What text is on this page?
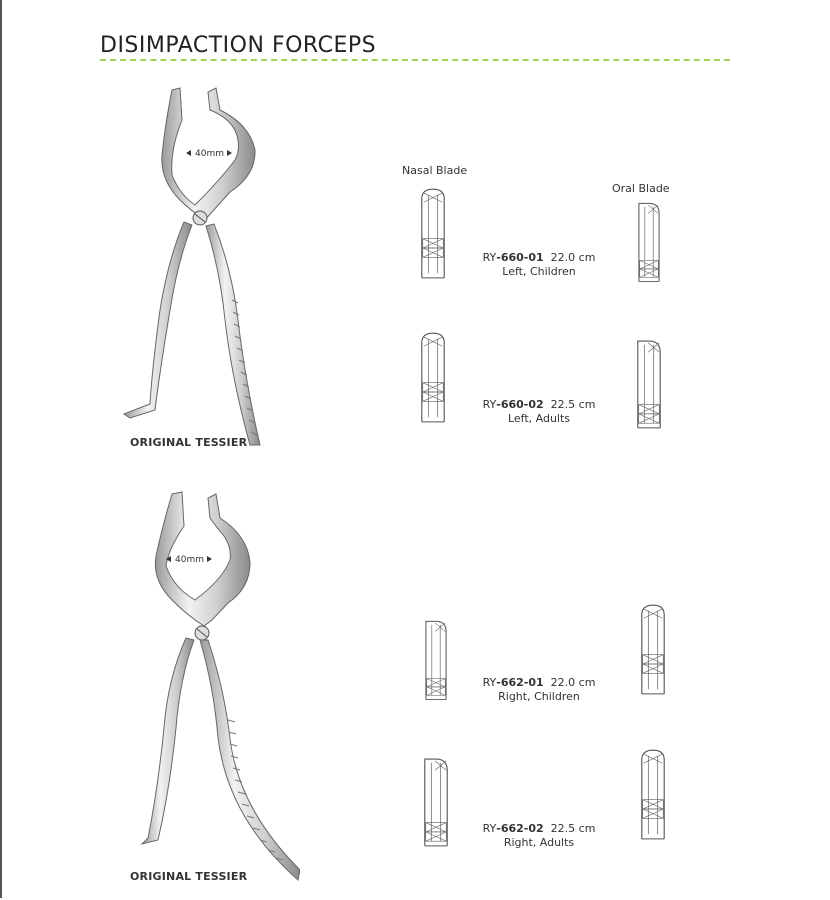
DISIMPACTION FORCEPS
40mm
ORIGINAL TESSIER
40mm
ORIGINAL TESSIER
Nasal Blade
Oral Blade
RY-660-01 22.0 cm
Left, Children
RY-660-02 22.5 cm
Left, Adults
RY-662-01 22.0 cm
Right, Children
RY-662-02 22.5 cm
Right, Adults
